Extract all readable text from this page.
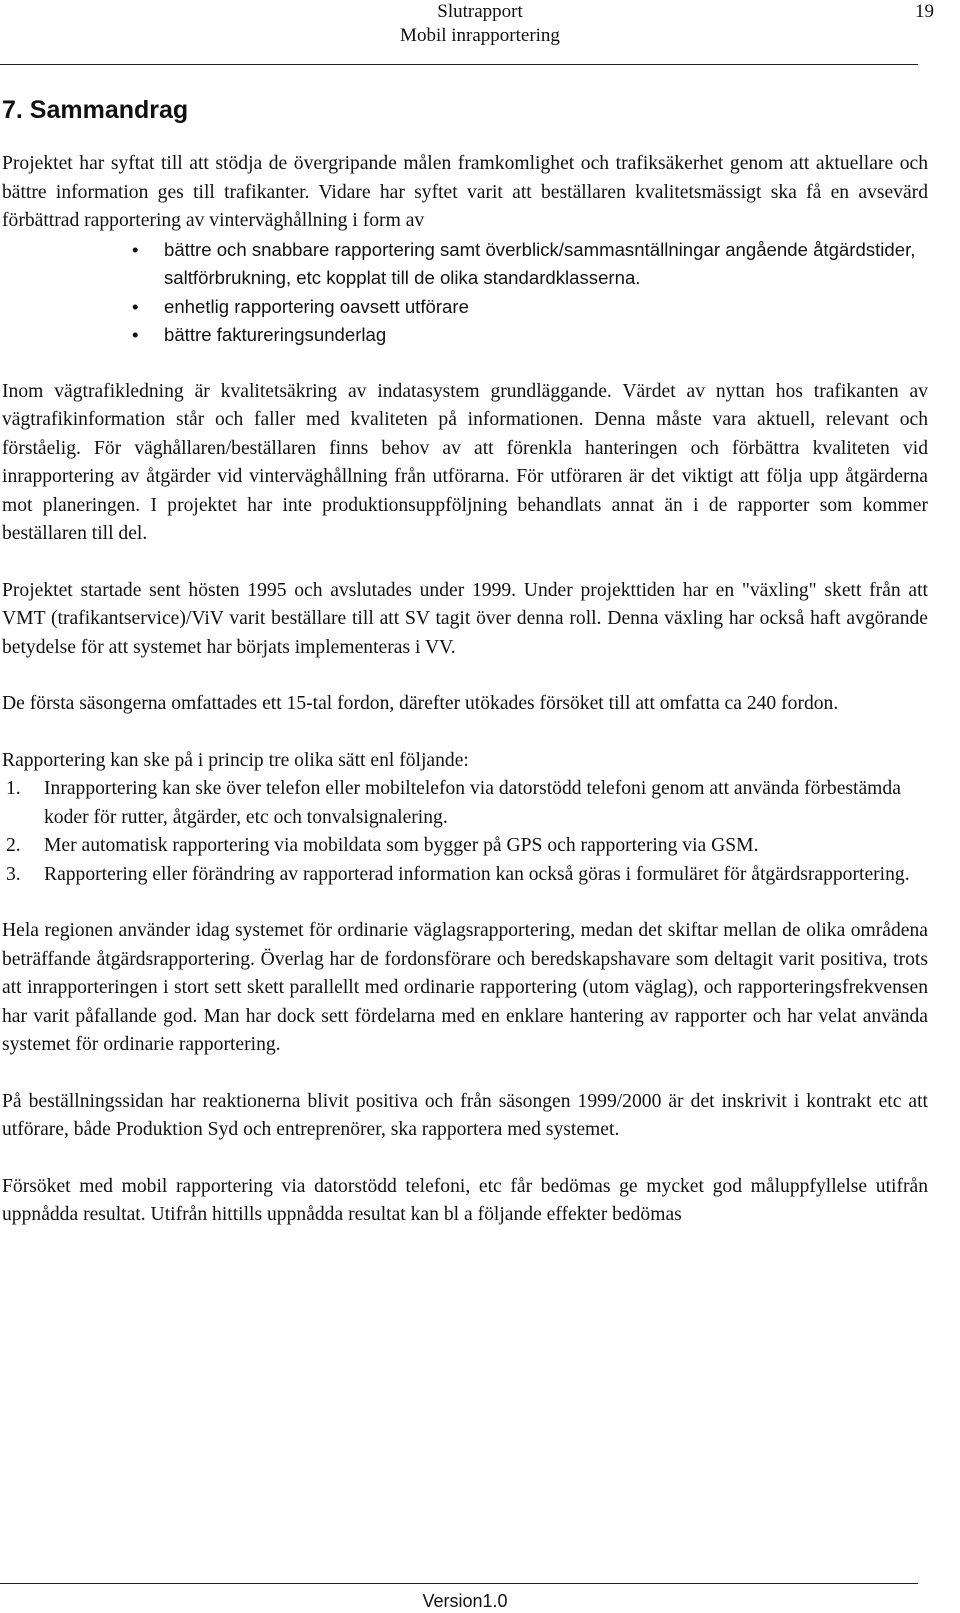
Slutrapport
Mobil inrapportering
19
7. Sammandrag

Projektet har syftat till att stödja de övergripande målen framkomlighet och trafiksäkerhet genom att aktuellare och bättre information ges till trafikanter. Vidare har syftet varit att beställaren kvalitetsmässigt ska få en avsevärd förbättrad rapportering av vinterväghållning i form av

• bättre och snabbare rapportering samt överblick/sammasntällningar angående åtgärdstider, saltförbrukning, etc kopplat till de olika standardklasserna.
• enhetlig rapportering oavsett utförare
• bättre faktureringsunderlag

Inom vägtrafikledning är kvalitetsäkring av indatasystem grundläggande. Värdet av nyttan hos trafikanten av vägtrafikinformation står och faller med kvaliteten på informationen. Denna måste vara aktuell, relevant och förståelig. För väghållaren/beställaren finns behov av att förenkla hanteringen och förbättra kvaliteten vid inrapportering av åtgärder vid vinterväghållning från utförarna. För utföraren är det viktigt att följa upp åtgärderna mot planeringen. I projektet har inte produktionsuppföljning behandlats annat än i de rapporter som kommer beställaren till del.

Projektet startade sent hösten 1995 och avslutades under 1999. Under projekttiden har en "växling" skett från att VMT (trafikantservice)/ViV varit beställare till att SV tagit över denna roll. Denna växling har också haft avgörande betydelse för att systemet har börjats implementeras i VV.

De första säsongerna omfattades ett 15-tal fordon, därefter utökades försöket till att omfatta ca 240 fordon.

Rapportering kan ske på i princip tre olika sätt enl följande:

1. Inrapportering kan ske över telefon eller mobiltelefon via datorstödd telefoni genom att använda förbestämda koder för rutter, åtgärder, etc och tonvalsignalering.
2. Mer automatisk rapportering via mobildata som bygger på GPS och rapportering via GSM.
3. Rapportering eller förändring av rapporterad information kan också göras i formuläret för åtgärdsrapportering.

Hela regionen använder idag systemet för ordinarie väglagsrapportering, medan det skiftar mellan de olika områdena beträffande åtgärdsrapportering. Överlag har de fordonsförare och beredskapshavare som deltagit varit positiva, trots att inrapporteringen i stort sett skett parallellt med ordinarie rapportering (utom väglag), och rapporteringsfrekvensen har varit påfallande god. Man har dock sett fördelarna med en enklare hantering av rapporter och har velat använda systemet för ordinarie rapportering.

På beställningssidan har reaktionerna blivit positiva och från säsongen 1999/2000 är det inskrivit i kontrakt etc att utförare, både Produktion Syd och entreprenörer, ska rapportera med systemet.

Försöket med mobil rapportering via datorstödd telefoni, etc får bedömas ge mycket god måluppfyllelse utifrån uppnådda resultat. Utifrån hittills uppnådda resultat kan bl a följande effekter bedömas

Version1.0
